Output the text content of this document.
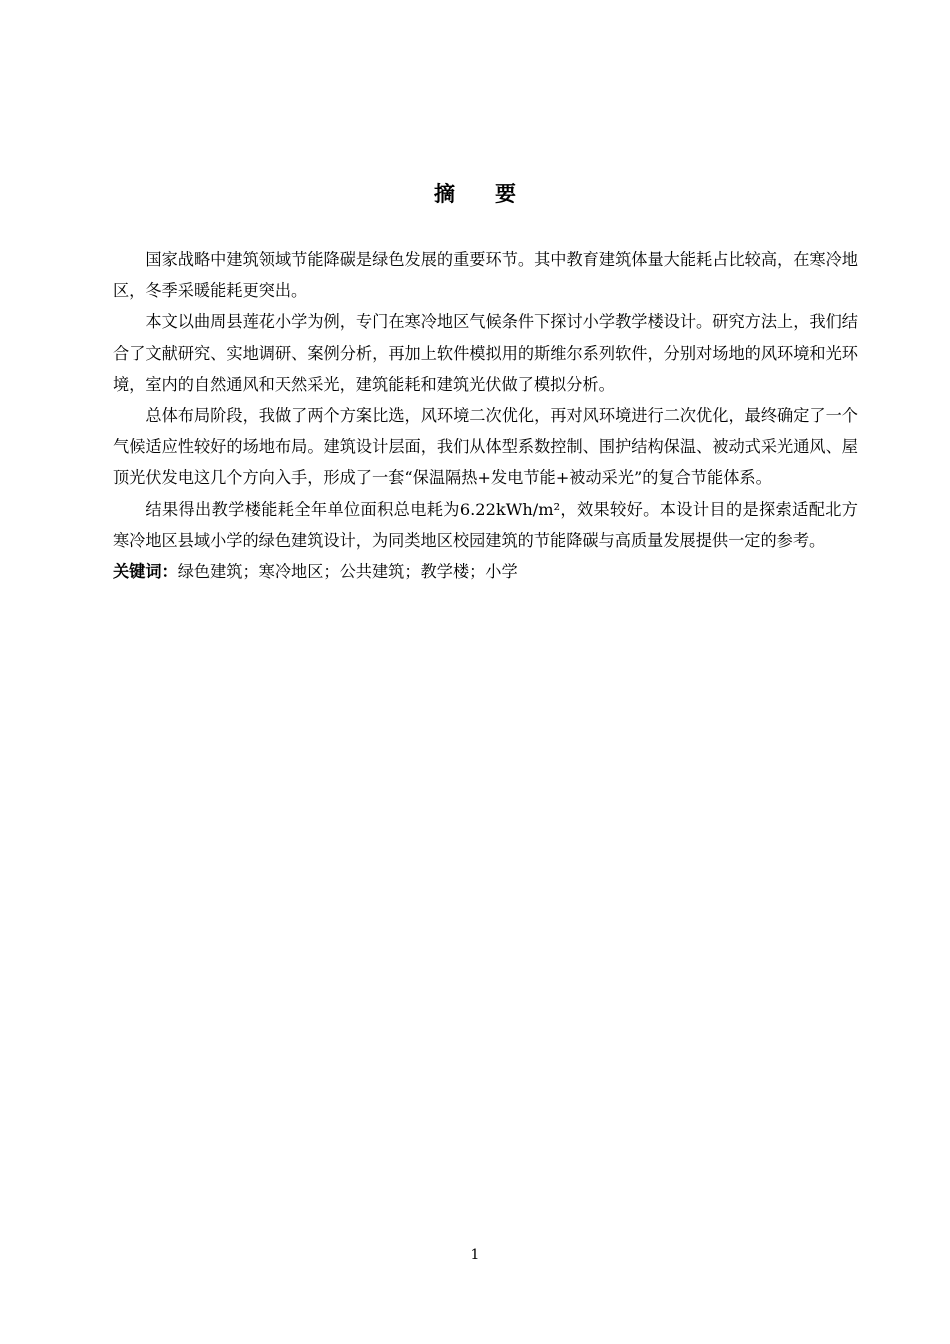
摘要

国家战略中建筑领域节能降碳是绿色发展的重要环节。其中教育建筑体量大能耗占比较高，在寒冷地区，冬季采暖能耗更突出。

本文以曲周县莲花小学为例，专门在寒冷地区气候条件下探讨小学教学楼设计。研究方法上，我们结合了文献研究、实地调研、案例分析，再加上软件模拟用的斯维尔系列软件，分别对场地的风环境和光环境，室内的自然通风和天然采光，建筑能耗和建筑光伏做了模拟分析。

总体布局阶段，我做了两个方案比选，风环境二次优化，再对风环境进行二次优化，最终确定了一个气候适应性较好的场地布局。建筑设计层面，我们从体型系数控制、围护结构保温、被动式采光通风、屋顶光伏发电这几个方向入手，形成了一套“保温隔热+发电节能+被动采光”的复合节能体系。

结果得出教学楼能耗全年单位面积总电耗为6.22kWh/m²，效果较好。本设计目的是探索适配北方寒冷地区县域小学的绿色建筑设计，为同类地区校园建筑的节能降碳与高质量发展提供一定的参考。

关键词：绿色建筑；寒冷地区；公共建筑；教学楼；小学

1
